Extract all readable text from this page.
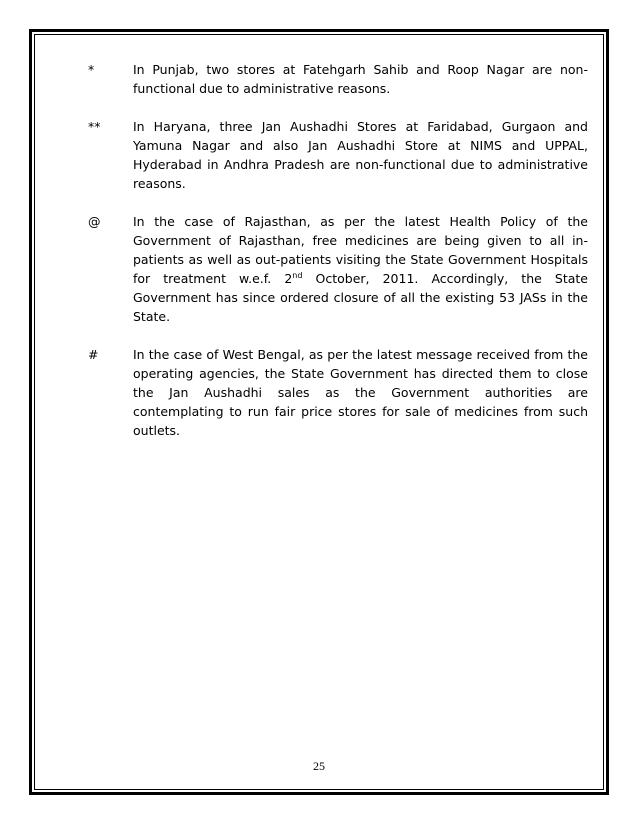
*	In Punjab, two stores at Fatehgarh Sahib and Roop Nagar are non-functional due to administrative reasons.
**	In Haryana, three Jan Aushadhi Stores at Faridabad, Gurgaon and Yamuna Nagar and also Jan Aushadhi Store at NIMS and UPPAL, Hyderabad in Andhra Pradesh are non-functional due to administrative reasons.
@	In the case of Rajasthan, as per the latest Health Policy of the Government of Rajasthan, free medicines are being given to all in-patients as well as out-patients visiting the State Government Hospitals for treatment w.e.f. 2nd October, 2011. Accordingly, the State Government has since ordered closure of all the existing 53 JASs in the State.
#	In the case of West Bengal, as per the latest message received from the operating agencies, the State Government has directed them to close the Jan Aushadhi sales as the Government authorities are contemplating to run fair price stores for sale of medicines from such outlets.
25
